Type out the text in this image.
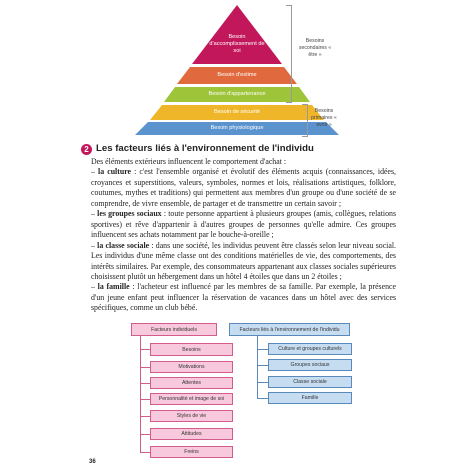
Besoin d'accomplissement de soi
Besoin d'estime
Besoin d'appartenance
Besoin de sécurité
Besoin physiologique
Besoins secondaires « être »
Besoins primaires « avoir »
2 Les facteurs liés à l'environnement de l'individu

Des éléments extérieurs influencent le comportement d'achat :

– la culture : c'est l'ensemble organisé et évolutif des éléments acquis (connaissances, idées, croyances et superstitions, valeurs, symboles, normes et lois, réalisations artistiques, folklore, coutumes, mythes et traditions) qui permettent aux membres d'un groupe ou d'une société de se comprendre, de vivre ensemble, de partager et de transmettre un certain savoir ;

– les groupes sociaux : toute personne appartient à plusieurs groupes (amis, collègues, relations sportives) et rêve d'appartenir à d'autres groupes de personnes qu'elle admire. Ces groupes influencent ses achats notamment par le bouche-à-oreille ;

– la classe sociale : dans une société, les individus peuvent être classés selon leur niveau social. Les individus d'une même classe ont des conditions matérielles de vie, des comportements, des intérêts similaires. Par exemple, des consommateurs appartenant aux classes sociales supérieures choisissent plutôt un hébergement dans un hôtel 4 étoiles que dans un 2 étoiles ;

– la famille : l'acheteur est influencé par les membres de sa famille. Par exemple, la présence d'un jeune enfant peut influencer la réservation de vacances dans un hôtel avec des services spécifiques, comme un club bébé.

Facteurs individuels
Besoins
Motivations
Attentes
Personnalité et image de soi
Styles de vie
Attitudes
Freins
Facteurs liés à l'environnement de l'individu
Culture et groupes culturels
Groupes sociaux
Classe sociale
Famille
36
